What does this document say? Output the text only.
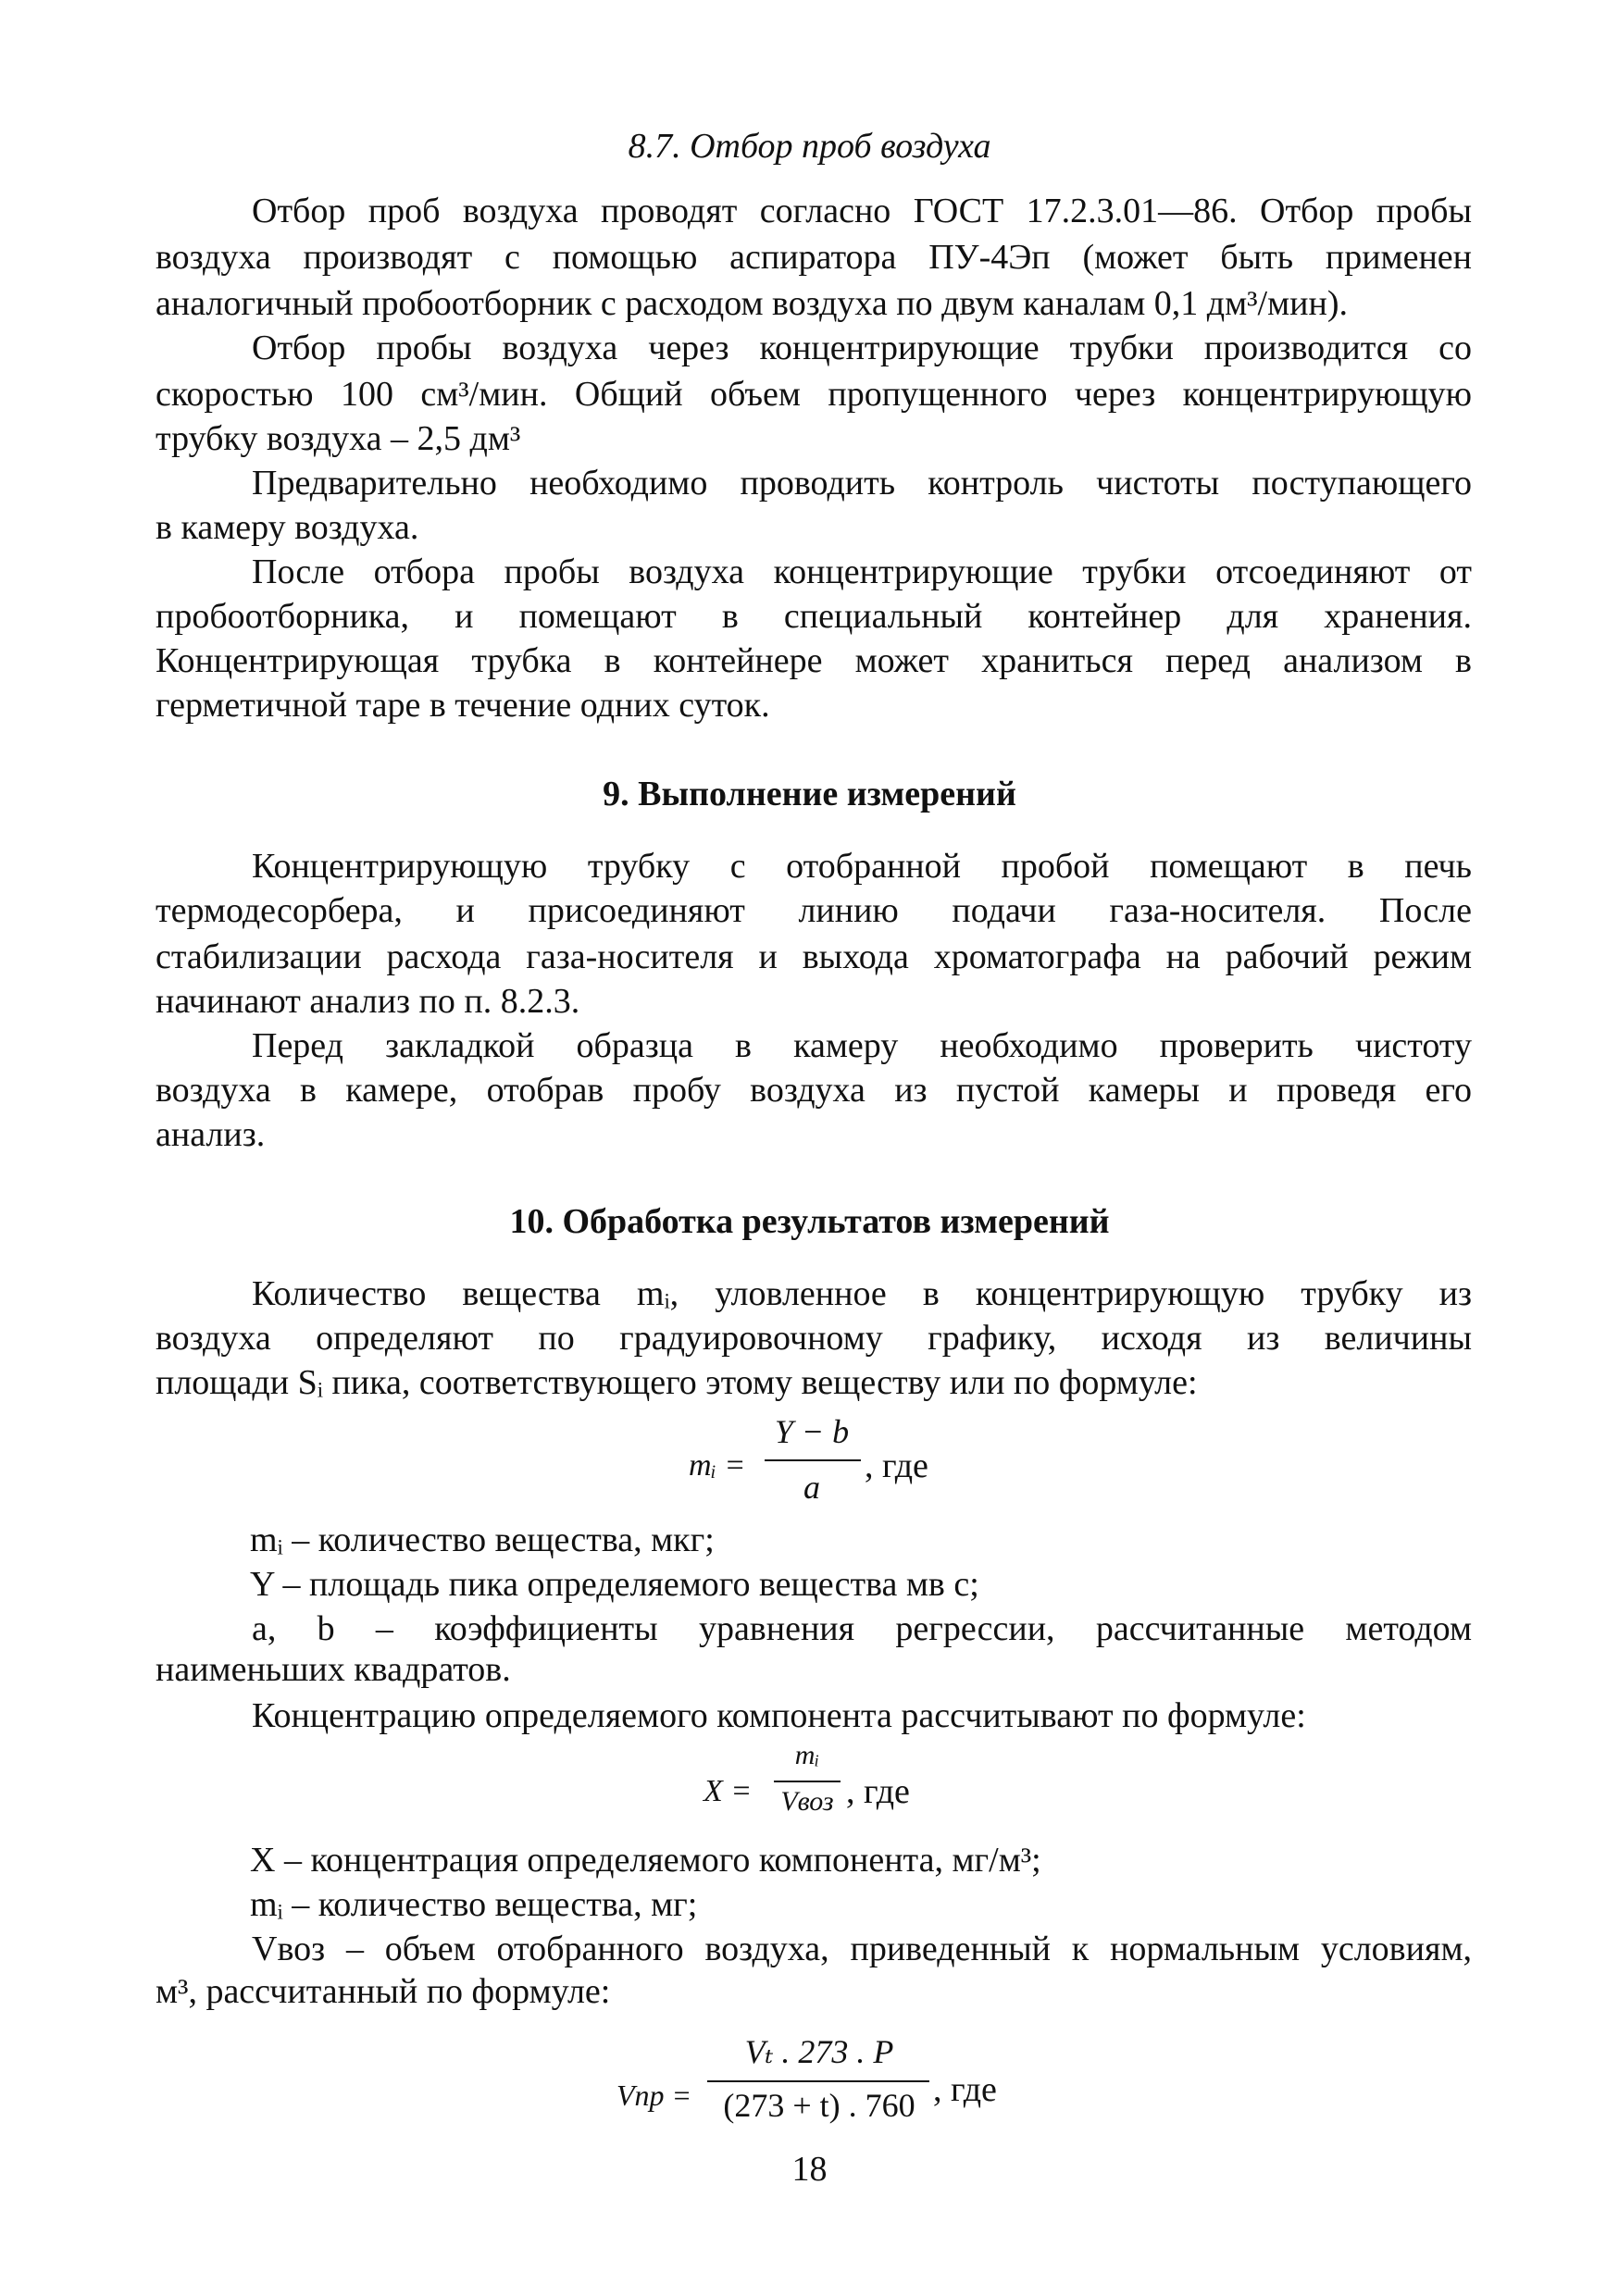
8.7. Отбор проб воздуха
Отбор проб воздуха проводят согласно ГОСТ 17.2.3.01—86. Отбор пробы
воздуха производят с помощью аспиратора ПУ-4Эп (может быть применен
аналогичный пробоотборник с расходом воздуха по двум каналам 0,1 дм³/мин).
Отбор пробы воздуха через концентрирующие трубки производится со
скоростью 100 см³/мин. Общий объем пропущенного через концентрирующую
трубку воздуха – 2,5 дм³
Предварительно необходимо проводить контроль чистоты поступающего
в камеру воздуха.
После отбора пробы воздуха концентрирующие трубки отсоединяют от
пробоотборника, и помещают в специальный контейнер для хранения.
Концентрирующая трубка в контейнере может храниться перед анализом в
герметичной таре в течение одних суток.
9. Выполнение измерений
Концентрирующую трубку с отобранной пробой помещают в печь
термодесорбера, и присоединяют линию подачи газа-носителя. После
стабилизации расхода газа-носителя и выхода хроматографа на рабочий режим
начинают анализ по п. 8.2.3.
Перед закладкой образца в камеру необходимо проверить чистоту
воздуха в камере, отобрав пробу воздуха из пустой камеры и проведя его
анализ.
10. Обработка результатов измерений
Количество вещества mᵢ, уловленное в концентрирующую трубку из
воздуха определяют по градуировочному графику, исходя из величины
площади Sᵢ пика, соответствующего этому веществу или по формуле:
mᵢ =
Y − b
a
, где
mᵢ – количество вещества, мкг;
Y – площадь пика определяемого вещества мв с;
a, b – коэффициенты уравнения регрессии, рассчитанные методом
наименьших квадратов.
Концентрацию определяемого компонента рассчитывают по формуле:
X =
mᵢ
Vвоз , где
X – концентрация определяемого компонента, мг/м³;
mᵢ – количество вещества, мг;
Vвоз – объем отобранного воздуха, приведенный к нормальным условиям,
м³, рассчитанный по формуле:
Vпр =
Vₜ . 273 . P
(273 + t) . 760 , где
18
